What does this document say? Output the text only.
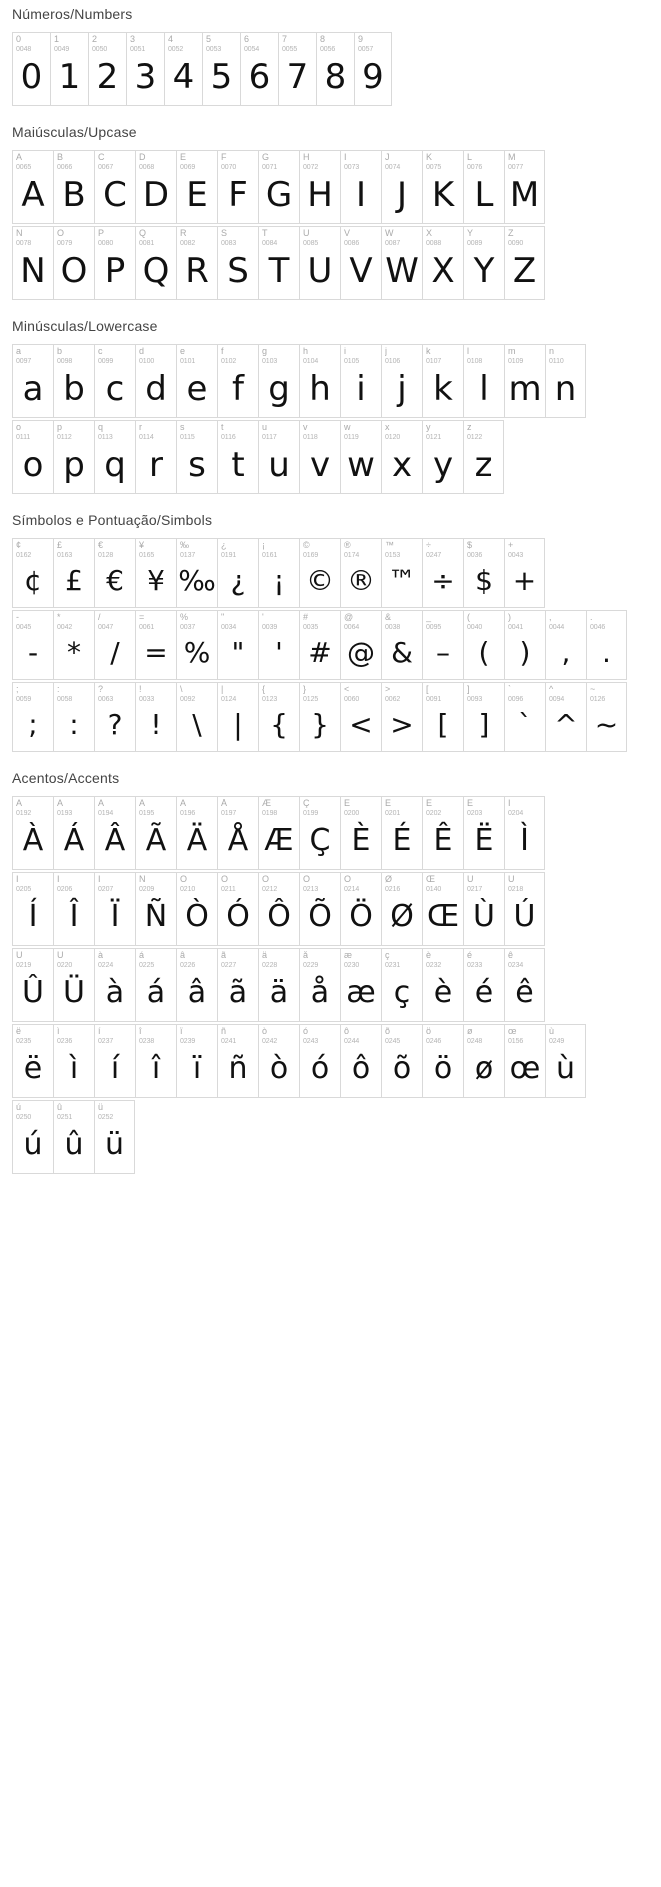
Números/Numbers
0
0048
0
1
0049
1
2
0050
2
3
0051
3
4
0052
4
5
0053
5
6
0054
6
7
0055
7
8
0056
8
9
0057
9
Maiúsculas/Upcase
A
0065
A
B
0066
B
C
0067
C
D
0068
D
E
0069
E
F
0070
F
G
0071
G
H
0072
H
I
0073
I
J
0074
J
K
0075
K
L
0076
L
M
0077
M
N
0078
N
O
0079
O
P
0080
P
Q
0081
Q
R
0082
R
S
0083
S
T
0084
T
U
0085
U
V
0086
V
W
0087
W
X
0088
X
Y
0089
Y
Z
0090
Z
Minúsculas/Lowercase
a
0097
a
b
0098
b
c
0099
c
d
0100
d
e
0101
e
f
0102
f
g
0103
g
h
0104
h
i
0105
i
j
0106
j
k
0107
k
l
0108
l
m
0109
m
n
0110
n
o
0111
o
p
0112
p
q
0113
q
r
0114
r
s
0115
s
t
0116
t
u
0117
u
v
0118
v
w
0119
w
x
0120
x
y
0121
y
z
0122
z
Símbolos e Pontuação/Simbols
¢
0162
¢
£
0163
£
€
0128
€
¥
0165
¥
‰
0137
‰
¿
0191
¿
¡
0161
¡
©
0169
©
®
0174
®
™
0153
™
÷
0247
÷
$
0036
$
+
0043
+
-
0045
-
*
0042
*
/
0047
/
=
0061
=
%
0037
%
"
0034
"
'
0039
'
#
0035
#
@
0064
@
&
0038
&
_
0095
–
(
0040
(
)
0041
)
,
0044
,
.
0046
.
;
0059
;
:
0058
:
?
0063
?
!
0033
!
\
0092
\
|
0124
|
{
0123
{
}
0125
}
<
0060
<
>
0062
>
[
0091
[
]
0093
]
`
0096
`
^
0094
^
~
0126
~
Acentos/Accents
À
0192
À
Á
0193
Á
Â
0194
Â
Ã
0195
Ã
Ä
0196
Ä
Å
0197
Å
Æ
0198
Æ
Ç
0199
Ç
È
0200
È
É
0201
É
Ê
0202
Ê
Ë
0203
Ë
Ì
0204
Ì
Í
0205
Í
Î
0206
Î
Ï
0207
Ï
Ñ
0209
Ñ
Ò
0210
Ò
Ó
0211
Ó
Ô
0212
Ô
Õ
0213
Õ
Ö
0214
Ö
Ø
0216
Ø
Œ
0140
Œ
Ù
0217
Ù
Ú
0218
Ú
Û
0219
Û
Ü
0220
Ü
à
0224
à
á
0225
á
â
0226
â
ã
0227
ã
ä
0228
ä
å
0229
å
æ
0230
æ
ç
0231
ç
è
0232
è
é
0233
é
ê
0234
ê
ë
0235
ë
ì
0236
ì
í
0237
í
î
0238
î
ï
0239
ï
ñ
0241
ñ
ò
0242
ò
ó
0243
ó
ô
0244
ô
õ
0245
õ
ö
0246
ö
ø
0248
ø
œ
0156
œ
ù
0249
ù
ú
0250
ú
û
0251
û
ü
0252
ü
